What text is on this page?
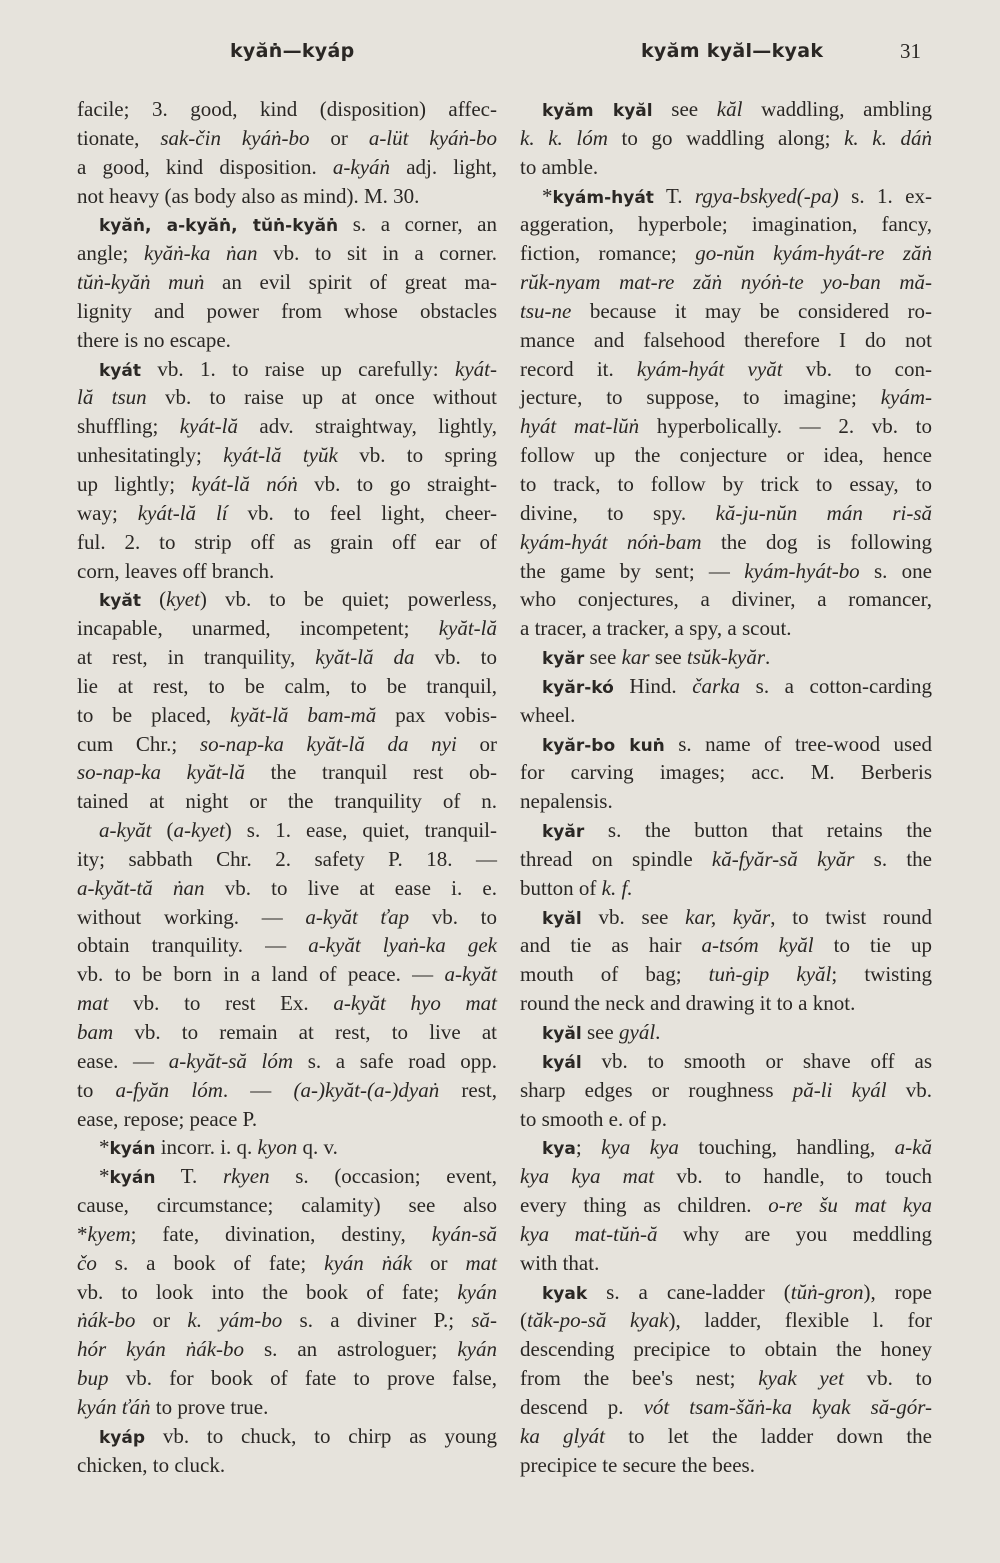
kyăṅ—kyáp	kyăm kyăl—kyak	31
facile; 3. good, kind (disposition) affec-
tionate, sak-čin kyáṅ-bo or a-lüt kyáṅ-bo
a good, kind disposition. a-kyáṅ adj. light,
not heavy (as body also as mind). M. 30.
kyăṅ, a-kyăṅ, tŭṅ-kyăṅ s. a corner, an
angle; kyăṅ-ka ṅan vb. to sit in a corner.
tŭṅ-kyăṅ muṅ an evil spirit of great ma-
lignity and power from whose obstacles
there is no escape.
kyát vb. 1. to raise up carefully: kyát-
lă tsun vb. to raise up at once without
shuffling; kyát-lă adv. straightway, lightly,
unhesitatingly; kyát-lă tyŭk vb. to spring
up lightly; kyát-lă nóṅ vb. to go straight-
way; kyát-lă lí vb. to feel light, cheer-
ful. 2. to strip off as grain off ear of
corn, leaves off branch.
kyăt (kyet) vb. to be quiet; powerless,
incapable, unarmed, incompetent; kyăt-lă
at rest, in tranquility, kyăt-lă da vb. to
lie at rest, to be calm, to be tranquil,
to be placed, kyăt-lă bam-mă pax vobis-
cum Chr.; so-nap-ka kyăt-lă da nyi or
so-nap-ka kyăt-lă the tranquil rest ob-
tained at night or the tranquility of n.
a-kyăt (a-kyet) s. 1. ease, quiet, tranquil-
ity; sabbath Chr. 2. safety P. 18. —
a-kyăt-tă ṅan vb. to live at ease i. e.
without working. — a-kyăt ťap vb. to
obtain tranquility. — a-kyăt lyaṅ-ka gek
vb. to be born in a land of peace. — a-kyăt
mat vb. to rest Ex. a-kyăt hyo mat
bam vb. to remain at rest, to live at
ease. — a-kyăt-să lóm s. a safe road opp.
to a-fyăn lóm. — (a-)kyăt-(a-)dyaṅ rest,
ease, repose; peace P.
*kyán incorr. i. q. kyon q. v.
*kyán T. rkyen s. (occasion; event,
cause, circumstance; calamity) see also
*kyem; fate, divination, destiny, kyán-să
čo s. a book of fate; kyán ṅák or mat
vb. to look into the book of fate; kyán
ṅák-bo or k. yám-bo s. a diviner P.; să-
hór kyán ṅák-bo s. an astrologuer; kyán
bup vb. for book of fate to prove false,
kyán ťáṅ to prove true.
kyáp vb. to chuck, to chirp as young
chicken, to cluck.
kyăm kyăl see kăl waddling, ambling
k. k. lóm to go waddling along; k. k. dáṅ
to amble.
*kyám-hyát T. rgya-bskyed(-pa) s. 1. ex-
aggeration, hyperbole; imagination, fancy,
fiction, romance; go-nŭn kyám-hyát-re zăṅ
rŭk-nyam mat-re zăṅ nyóṅ-te yo-ban mă-
tsu-ne because it may be considered ro-
mance and falsehood therefore I do not
record it. kyám-hyát vyăt vb. to con-
jecture, to suppose, to imagine; kyám-
hyát mat-lŭṅ hyperbolically. — 2. vb. to
follow up the conjecture or idea, hence
to track, to follow by trick to essay, to
divine, to spy. kă-ju-nŭn mán ri-să
kyám-hyát nóṅ-bam the dog is following
the game by sent; — kyám-hyát-bo s. one
who conjectures, a diviner, a romancer,
a tracer, a tracker, a spy, a scout.
kyăr see kar see tsŭk-kyăr.
kyăr-kó Hind. čarka s. a cotton-carding
wheel.
kyăr-bo kuṅ s. name of tree-wood used
for carving images; acc. M. Berberis
nepalensis.
kyăr s. the button that retains the
thread on spindle kă-fyăr-să kyăr s. the
button of k. f.
kyăl vb. see kar, kyăr, to twist round
and tie as hair a-tsóm kyăl to tie up
mouth of bag; tuṅ-gip kyăl; twisting
round the neck and drawing it to a knot.
kyăl see gyál.
kyál vb. to smooth or shave off as
sharp edges or roughness pă-li kyál vb.
to smooth e. of p.
kya; kya kya touching, handling, a-kă
kya kya mat vb. to handle, to touch
every thing as children. o-re šu mat kya
kya mat-tŭṅ-ă why are you meddling
with that.
kyak s. a cane-ladder (tŭṅ-gron), rope
(tăk-po-să kyak), ladder, flexible l. for
descending precipice to obtain the honey
from the bee's nest; kyak yet vb. to
descend p. vót tsam-šăṅ-ka kyak să-gór-
ka glyát to let the ladder down the
precipice te secure the bees.
